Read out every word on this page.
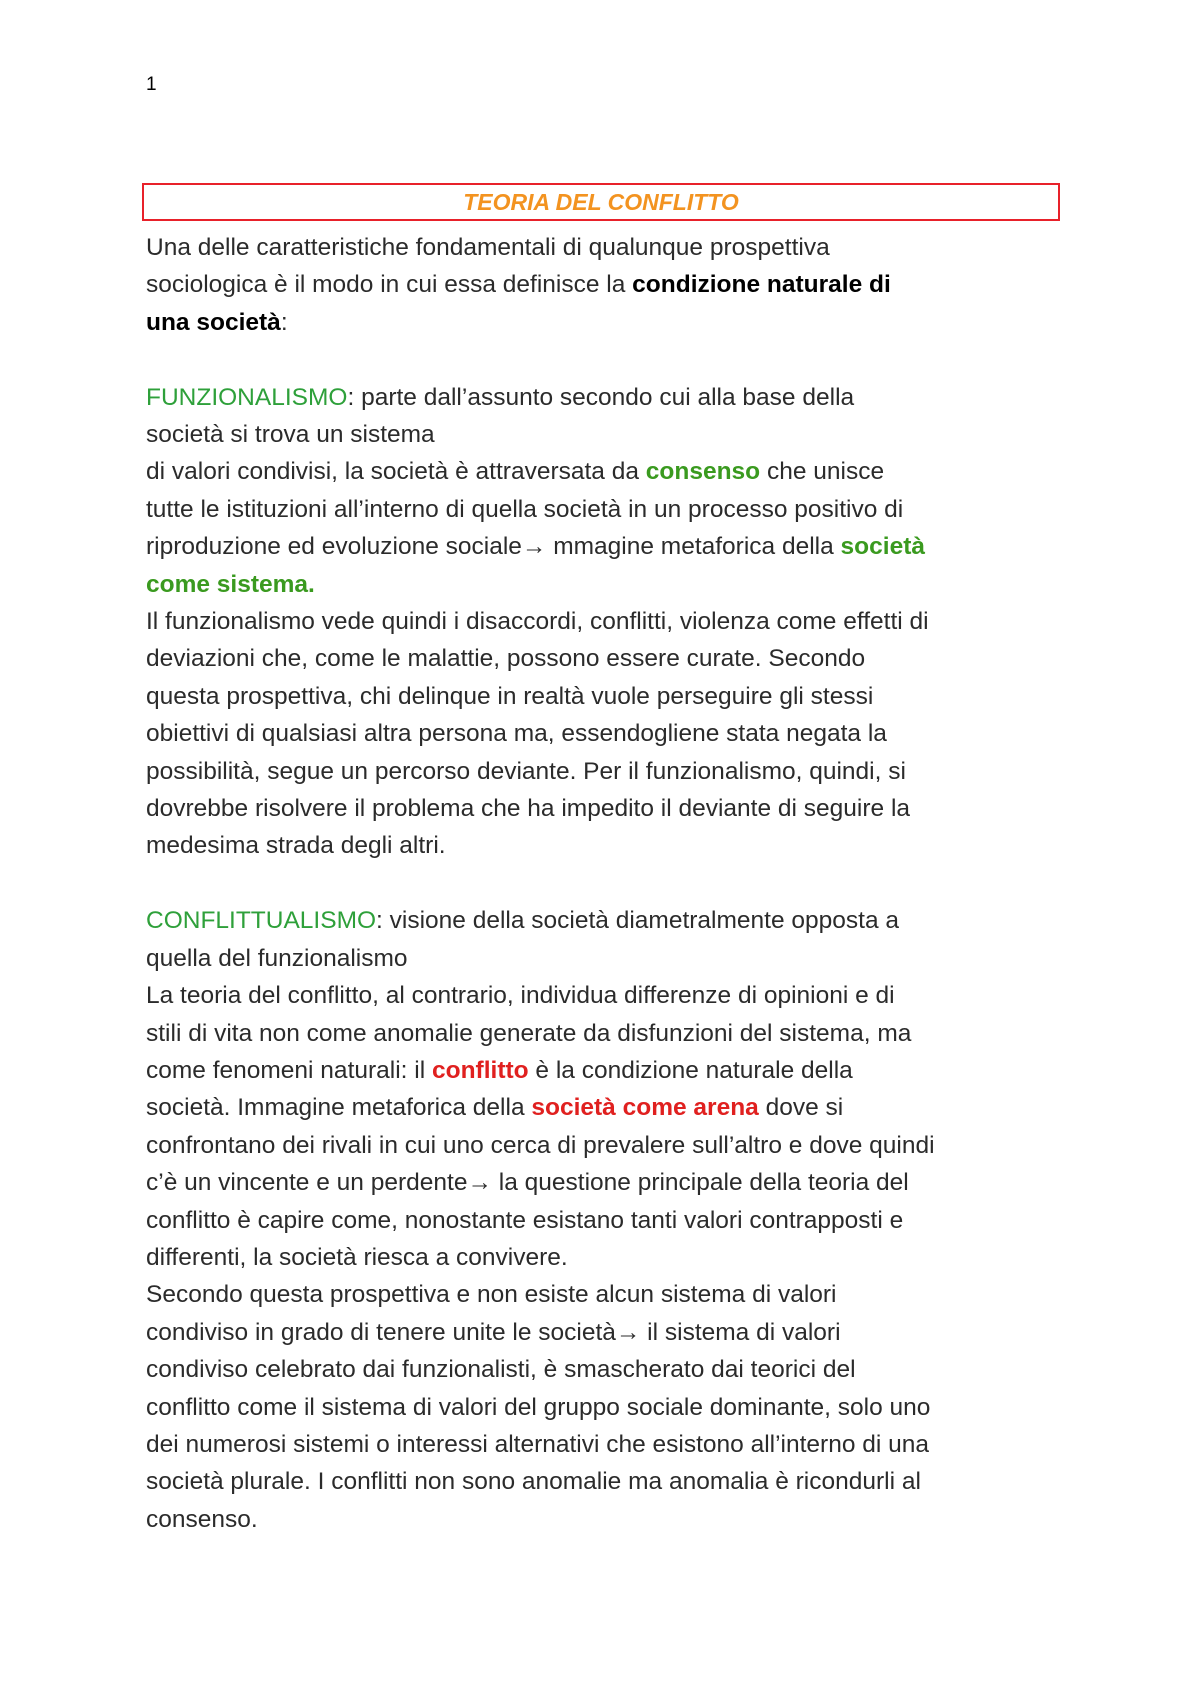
1
TEORIA DEL CONFLITTO

Una delle caratteristiche fondamentali di qualunque prospettiva

sociologica è il modo in cui essa definisce la condizione naturale di

una società:

FUNZIONALISMO: parte dall’assunto secondo cui alla base della

società si trova un sistema

di valori condivisi, la società è attraversata da consenso che unisce

tutte le istituzioni all’interno di quella società in un processo positivo di

riproduzione ed evoluzione sociale→ mmagine metaforica della società

come sistema.

Il funzionalismo vede quindi i disaccordi, conflitti, violenza come effetti di

deviazioni che, come le malattie, possono essere curate. Secondo

questa prospettiva, chi delinque in realtà vuole perseguire gli stessi

obiettivi di qualsiasi altra persona ma, essendogliene stata negata la

possibilità, segue un percorso deviante. Per il funzionalismo, quindi, si

dovrebbe risolvere il problema che ha impedito il deviante di seguire la

medesima strada degli altri.

CONFLITTUALISMO: visione della società diametralmente opposta a

quella del funzionalismo

La teoria del conflitto, al contrario, individua differenze di opinioni e di

stili di vita non come anomalie generate da disfunzioni del sistema, ma

come fenomeni naturali: il conflitto è la condizione naturale della

società. Immagine metaforica della società come arena dove si

confrontano dei rivali in cui uno cerca di prevalere sull’altro e dove quindi

c’è un vincente e un perdente→ la questione principale della teoria del

conflitto è capire come, nonostante esistano tanti valori contrapposti e

differenti, la società riesca a convivere.

Secondo questa prospettiva e non esiste alcun sistema di valori

condiviso in grado di tenere unite le società→ il sistema di valori

condiviso celebrato dai funzionalisti, è smascherato dai teorici del

conflitto come il sistema di valori del gruppo sociale dominante, solo uno

dei numerosi sistemi o interessi alternativi che esistono all’interno di una

società plurale. I conflitti non sono anomalie ma anomalia è ricondurli al

consenso.
